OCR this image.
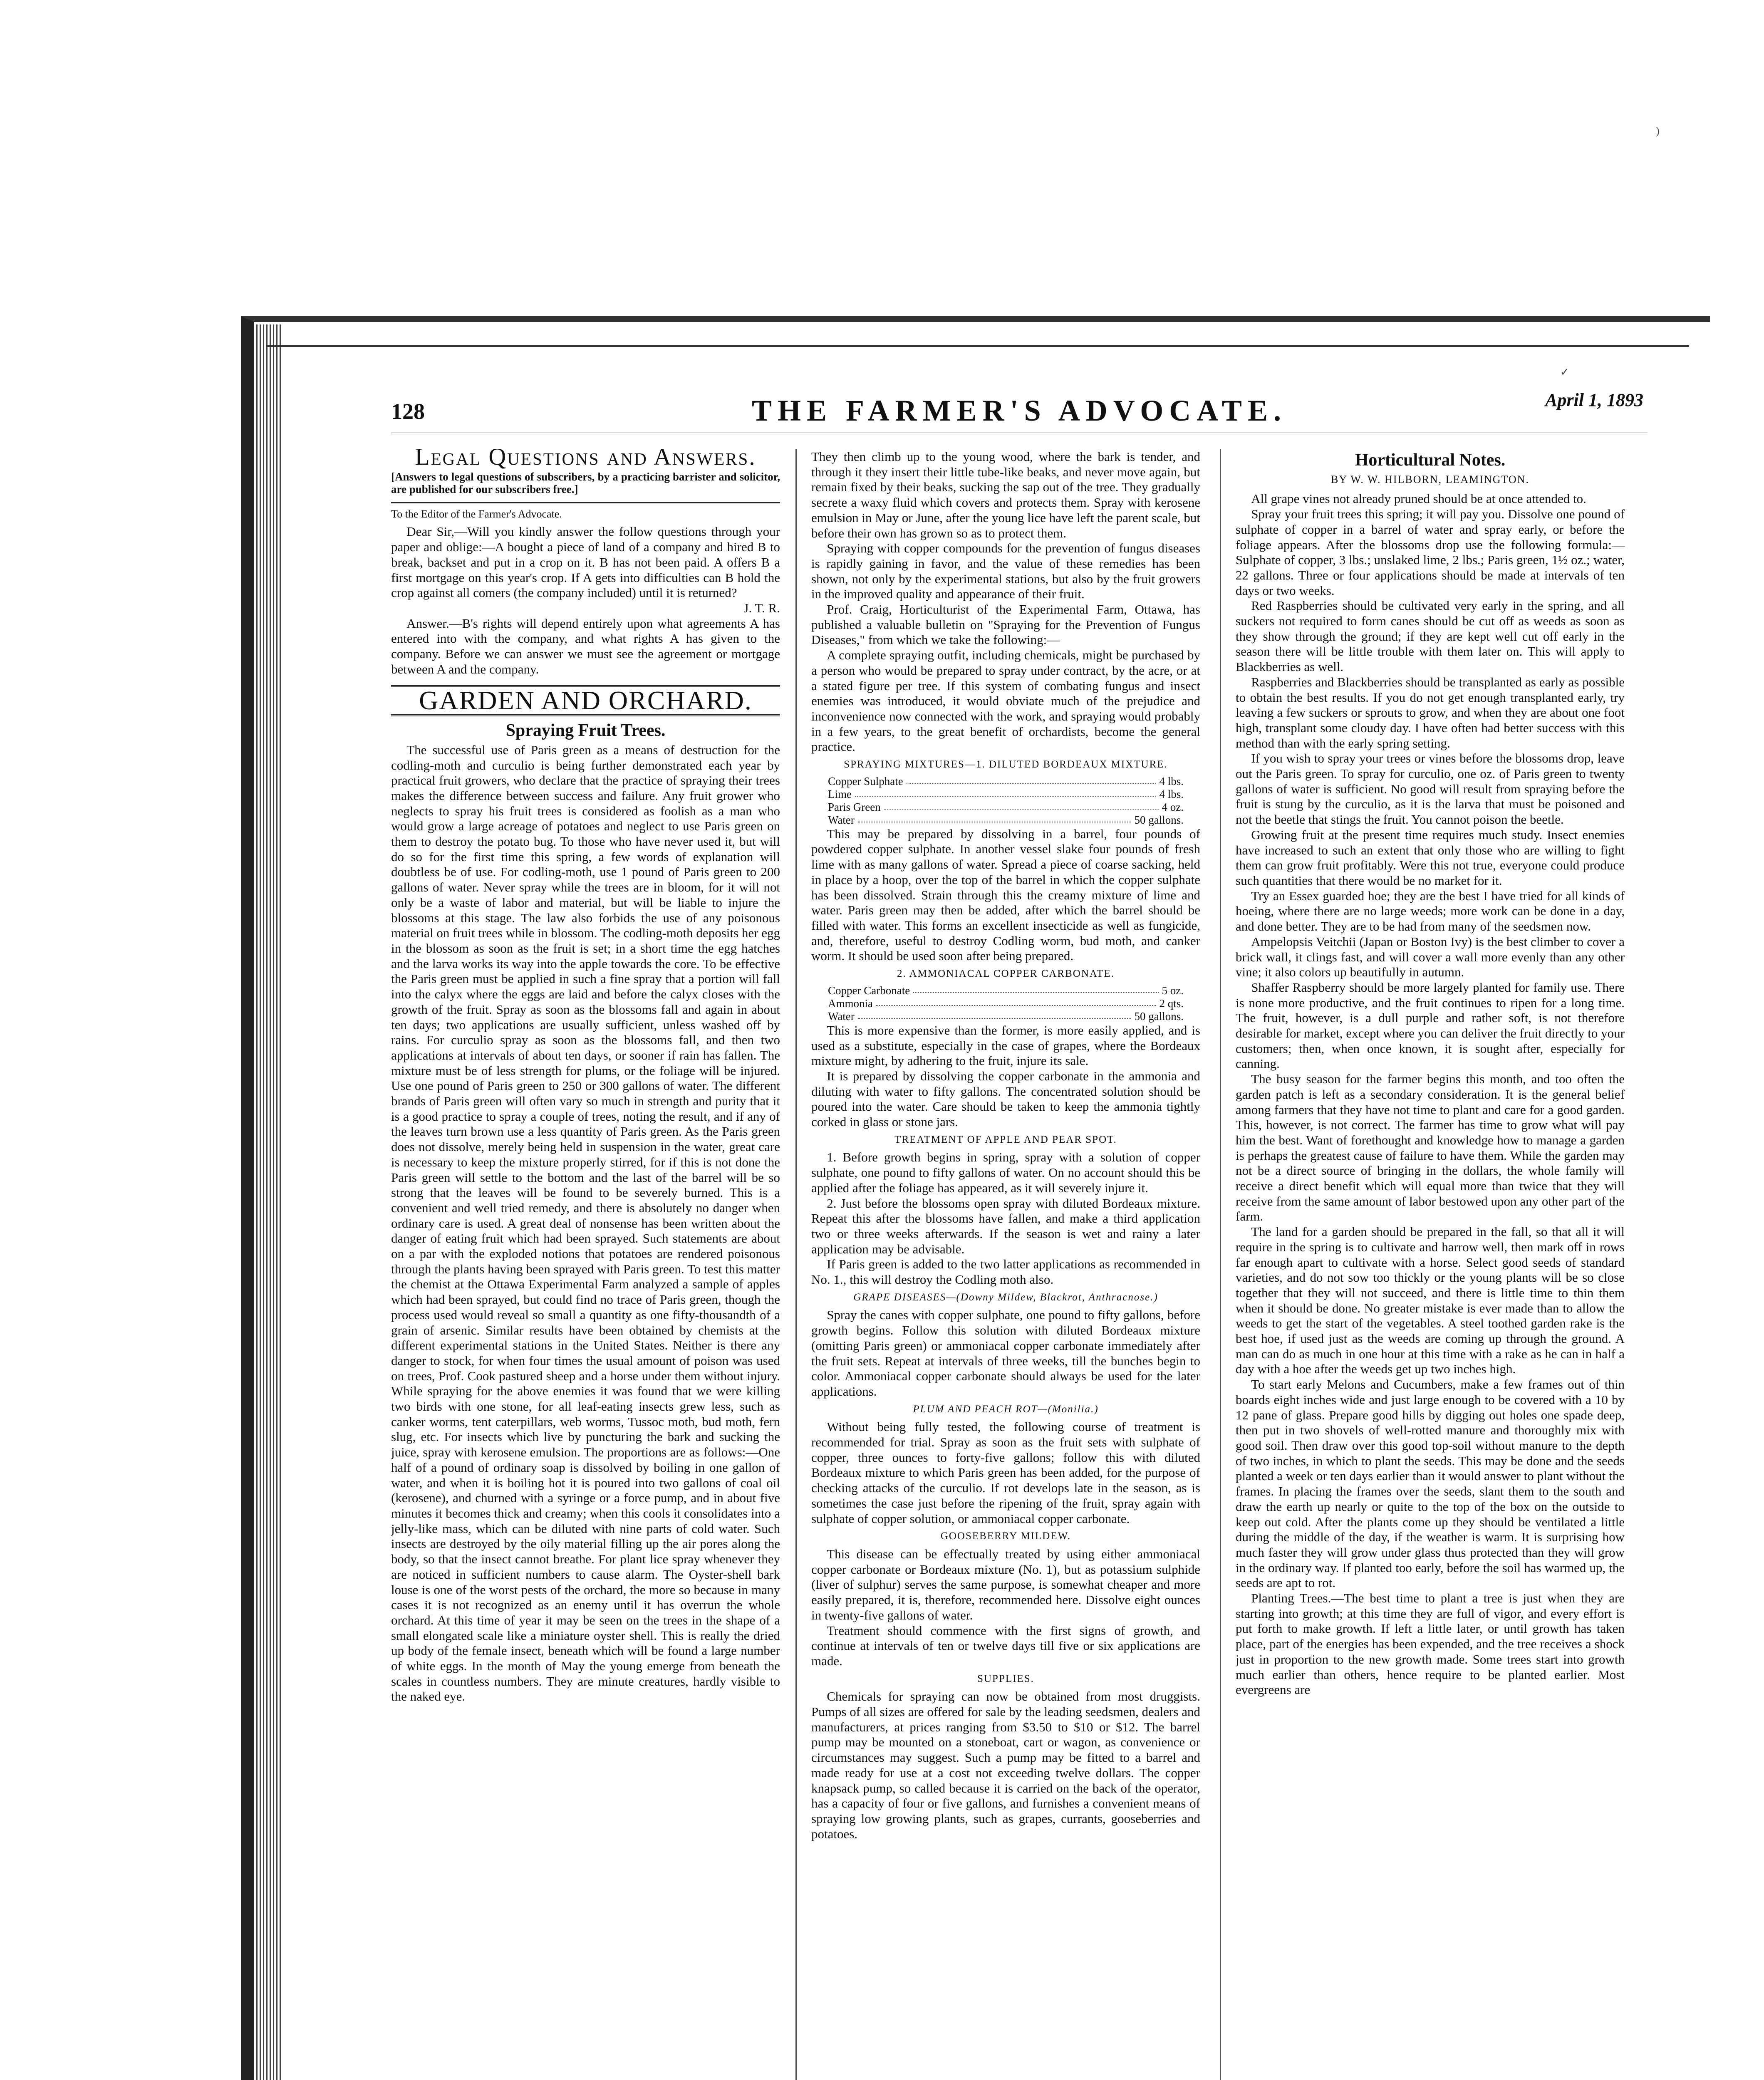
)
✓
128	THE FARMER'S ADVOCATE.	April 1, 1893
Legal Questions and Answers.
[Answers to legal questions of subscribers, by a practicing barrister and solicitor, are published for our subscribers free.]
To the Editor of the Farmer's Advocate.

Dear Sir,—Will you kindly answer the follow questions through your paper and oblige:—A bought a piece of land of a company and hired B to break, backset and put in a crop on it. B has not been paid. A offers B a first mortgage on this year's crop. If A gets into difficulties can B hold the crop against all comers (the company included) until it is returned?

J. T. R.

Answer.—B's rights will depend entirely upon what agreements A has entered into with the company, and what rights A has given to the company. Before we can answer we must see the agreement or mortgage between A and the company.

GARDEN AND ORCHARD.
Spraying Fruit Trees.

The successful use of Paris green as a means of destruction for the codling-moth and curculio is being further demonstrated each year by practical fruit growers, who declare that the practice of spraying their trees makes the difference between success and failure. Any fruit grower who neglects to spray his fruit trees is considered as foolish as a man who would grow a large acreage of potatoes and neglect to use Paris green on them to destroy the potato bug. To those who have never used it, but will do so for the first time this spring, a few words of explanation will doubtless be of use. For codling-moth, use 1 pound of Paris green to 200 gallons of water. Never spray while the trees are in bloom, for it will not only be a waste of labor and material, but will be liable to injure the blossoms at this stage. The law also forbids the use of any poisonous material on fruit trees while in blossom. The codling-moth deposits her egg in the blossom as soon as the fruit is set; in a short time the egg hatches and the larva works its way into the apple towards the core. To be effective the Paris green must be applied in such a fine spray that a portion will fall into the calyx where the eggs are laid and before the calyx closes with the growth of the fruit. Spray as soon as the blossoms fall and again in about ten days; two applications are usually sufficient, unless washed off by rains. For curculio spray as soon as the blossoms fall, and then two applications at intervals of about ten days, or sooner if rain has fallen. The mixture must be of less strength for plums, or the foliage will be injured. Use one pound of Paris green to 250 or 300 gallons of water. The different brands of Paris green will often vary so much in strength and purity that it is a good practice to spray a couple of trees, noting the result, and if any of the leaves turn brown use a less quantity of Paris green. As the Paris green does not dissolve, merely being held in suspension in the water, great care is necessary to keep the mixture properly stirred, for if this is not done the Paris green will settle to the bottom and the last of the barrel will be so strong that the leaves will be found to be severely burned. This is a convenient and well tried remedy, and there is absolutely no danger when ordinary care is used. A great deal of nonsense has been written about the danger of eating fruit which had been sprayed. Such statements are about on a par with the exploded notions that potatoes are rendered poisonous through the plants having been sprayed with Paris green. To test this matter the chemist at the Ottawa Experimental Farm analyzed a sample of apples which had been sprayed, but could find no trace of Paris green, though the process used would reveal so small a quantity as one fifty-thousandth of a grain of arsenic. Similar results have been obtained by chemists at the different experimental stations in the United States. Neither is there any danger to stock, for when four times the usual amount of poison was used on trees, Prof. Cook pastured sheep and a horse under them without injury. While spraying for the above enemies it was found that we were killing two birds with one stone, for all leaf-eating insects grew less, such as canker worms, tent caterpillars, web worms, Tussoc moth, bud moth, fern slug, etc. For insects which live by puncturing the bark and sucking the juice, spray with kerosene emulsion. The proportions are as follows:—One half of a pound of ordinary soap is dissolved by boiling in one gallon of water, and when it is boiling hot it is poured into two gallons of coal oil (kerosene), and churned with a syringe or a force pump, and in about five minutes it becomes thick and creamy; when this cools it consolidates into a jelly-like mass, which can be diluted with nine parts of cold water. Such insects are destroyed by the oily material filling up the air pores along the body, so that the insect cannot breathe. For plant lice spray whenever they are noticed in sufficient numbers to cause alarm. The Oyster-shell bark louse is one of the worst pests of the orchard, the more so because in many cases it is not recognized as an enemy until it has overrun the whole orchard. At this time of year it may be seen on the trees in the shape of a small elongated scale like a miniature oyster shell. This is really the dried up body of the female insect, beneath which will be found a large number of white eggs. In the month of May the young emerge from beneath the scales in countless numbers. They are minute creatures, hardly visible to the naked eye.

They then climb up to the young wood, where the bark is tender, and through it they insert their little tube-like beaks, and never move again, but remain fixed by their beaks, sucking the sap out of the tree. They gradually secrete a waxy fluid which covers and protects them. Spray with kerosene emulsion in May or June, after the young lice have left the parent scale, but before their own has grown so as to protect them.

Spraying with copper compounds for the prevention of fungus diseases is rapidly gaining in favor, and the value of these remedies has been shown, not only by the experimental stations, but also by the fruit growers in the improved quality and appearance of their fruit.

Prof. Craig, Horticulturist of the Experimental Farm, Ottawa, has published a valuable bulletin on "Spraying for the Prevention of Fungus Diseases," from which we take the following:—

A complete spraying outfit, including chemicals, might be purchased by a person who would be prepared to spray under contract, by the acre, or at a stated figure per tree. If this system of combating fungus and insect enemies was introduced, it would obviate much of the prejudice and inconvenience now connected with the work, and spraying would probably in a few years, to the great benefit of orchardists, become the general practice.

SPRAYING MIXTURES—1. DILUTED BORDEAUX MIXTURE.

Copper Sulphate	4 lbs.
Lime	4 lbs.
Paris Green	4 oz.
Water	50 gallons.

This may be prepared by dissolving in a barrel, four pounds of powdered copper sulphate. In another vessel slake four pounds of fresh lime with as many gallons of water. Spread a piece of coarse sacking, held in place by a hoop, over the top of the barrel in which the copper sulphate has been dissolved. Strain through this the creamy mixture of lime and water. Paris green may then be added, after which the barrel should be filled with water. This forms an excellent insecticide as well as fungicide, and, therefore, useful to destroy Codling worm, bud moth, and canker worm. It should be used soon after being prepared.

2. AMMONIACAL COPPER CARBONATE.

Copper Carbonate	5 oz.
Ammonia	2 qts.
Water	50 gallons.

This is more expensive than the former, is more easily applied, and is used as a substitute, especially in the case of grapes, where the Bordeaux mixture might, by adhering to the fruit, injure its sale.

It is prepared by dissolving the copper carbonate in the ammonia and diluting with water to fifty gallons. The concentrated solution should be poured into the water. Care should be taken to keep the ammonia tightly corked in glass or stone jars.

TREATMENT OF APPLE AND PEAR SPOT.

1. Before growth begins in spring, spray with a solution of copper sulphate, one pound to fifty gallons of water. On no account should this be applied after the foliage has appeared, as it will severely injure it.

2. Just before the blossoms open spray with diluted Bordeaux mixture. Repeat this after the blossoms have fallen, and make a third application two or three weeks afterwards. If the season is wet and rainy a later application may be advisable.

If Paris green is added to the two latter applications as recommended in No. 1., this will destroy the Codling moth also.

GRAPE DISEASES—(Downy Mildew, Blackrot, Anthracnose.)

Spray the canes with copper sulphate, one pound to fifty gallons, before growth begins. Follow this solution with diluted Bordeaux mixture (omitting Paris green) or ammoniacal copper carbonate immediately after the fruit sets. Repeat at intervals of three weeks, till the bunches begin to color. Ammoniacal copper carbonate should always be used for the later applications.

PLUM AND PEACH ROT—(Monilia.)

Without being fully tested, the following course of treatment is recommended for trial. Spray as soon as the fruit sets with sulphate of copper, three ounces to forty-five gallons; follow this with diluted Bordeaux mixture to which Paris green has been added, for the purpose of checking attacks of the curculio. If rot develops late in the season, as is sometimes the case just before the ripening of the fruit, spray again with sulphate of copper solution, or ammoniacal copper carbonate.

GOOSEBERRY MILDEW.

This disease can be effectually treated by using either ammoniacal copper carbonate or Bordeaux mixture (No. 1), but as potassium sulphide (liver of sulphur) serves the same purpose, is somewhat cheaper and more easily prepared, it is, therefore, recommended here. Dissolve eight ounces in twenty-five gallons of water.

Treatment should commence with the first signs of growth, and continue at intervals of ten or twelve days till five or six applications are made.

SUPPLIES.

Chemicals for spraying can now be obtained from most druggists. Pumps of all sizes are offered for sale by the leading seedsmen, dealers and manufacturers, at prices ranging from $3.50 to $10 or $12. The barrel pump may be mounted on a stoneboat, cart or wagon, as convenience or circumstances may suggest. Such a pump may be fitted to a barrel and made ready for use at a cost not exceeding twelve dollars. The copper knapsack pump, so called because it is carried on the back of the operator, has a capacity of four or five gallons, and furnishes a convenient means of spraying low growing plants, such as grapes, currants, gooseberries and potatoes.

Horticultural Notes.
BY W. W. HILBORN, LEAMINGTON.

All grape vines not already pruned should be at once attended to.

Spray your fruit trees this spring; it will pay you. Dissolve one pound of sulphate of copper in a barrel of water and spray early, or before the foliage appears. After the blossoms drop use the following formula:—Sulphate of copper, 3 lbs.; unslaked lime, 2 lbs.; Paris green, 1½ oz.; water, 22 gallons. Three or four applications should be made at intervals of ten days or two weeks.

Red Raspberries should be cultivated very early in the spring, and all suckers not required to form canes should be cut off as weeds as soon as they show through the ground; if they are kept well cut off early in the season there will be little trouble with them later on. This will apply to Blackberries as well.

Raspberries and Blackberries should be transplanted as early as possible to obtain the best results. If you do not get enough transplanted early, try leaving a few suckers or sprouts to grow, and when they are about one foot high, transplant some cloudy day. I have often had better success with this method than with the early spring setting.

If you wish to spray your trees or vines before the blossoms drop, leave out the Paris green. To spray for curculio, one oz. of Paris green to twenty gallons of water is sufficient. No good will result from spraying before the fruit is stung by the curculio, as it is the larva that must be poisoned and not the beetle that stings the fruit. You cannot poison the beetle.

Growing fruit at the present time requires much study. Insect enemies have increased to such an extent that only those who are willing to fight them can grow fruit profitably. Were this not true, everyone could produce such quantities that there would be no market for it.

Try an Essex guarded hoe; they are the best I have tried for all kinds of hoeing, where there are no large weeds; more work can be done in a day, and done better. They are to be had from many of the seedsmen now.

Ampelopsis Veitchii (Japan or Boston Ivy) is the best climber to cover a brick wall, it clings fast, and will cover a wall more evenly than any other vine; it also colors up beautifully in autumn.

Shaffer Raspberry should be more largely planted for family use. There is none more productive, and the fruit continues to ripen for a long time. The fruit, however, is a dull purple and rather soft, is not therefore desirable for market, except where you can deliver the fruit directly to your customers; then, when once known, it is sought after, especially for canning.

The busy season for the farmer begins this month, and too often the garden patch is left as a secondary consideration. It is the general belief among farmers that they have not time to plant and care for a good garden. This, however, is not correct. The farmer has time to grow what will pay him the best. Want of forethought and knowledge how to manage a garden is perhaps the greatest cause of failure to have them. While the garden may not be a direct source of bringing in the dollars, the whole family will receive a direct benefit which will equal more than twice that they will receive from the same amount of labor bestowed upon any other part of the farm.

The land for a garden should be prepared in the fall, so that all it will require in the spring is to cultivate and harrow well, then mark off in rows far enough apart to cultivate with a horse. Select good seeds of standard varieties, and do not sow too thickly or the young plants will be so close together that they will not succeed, and there is little time to thin them when it should be done. No greater mistake is ever made than to allow the weeds to get the start of the vegetables. A steel toothed garden rake is the best hoe, if used just as the weeds are coming up through the ground. A man can do as much in one hour at this time with a rake as he can in half a day with a hoe after the weeds get up two inches high.

To start early Melons and Cucumbers, make a few frames out of thin boards eight inches wide and just large enough to be covered with a 10 by 12 pane of glass. Prepare good hills by digging out holes one spade deep, then put in two shovels of well-rotted manure and thoroughly mix with good soil. Then draw over this good top-soil without manure to the depth of two inches, in which to plant the seeds. This may be done and the seeds planted a week or ten days earlier than it would answer to plant without the frames. In placing the frames over the seeds, slant them to the south and draw the earth up nearly or quite to the top of the box on the outside to keep out cold. After the plants come up they should be ventilated a little during the middle of the day, if the weather is warm. It is surprising how much faster they will grow under glass thus protected than they will grow in the ordinary way. If planted too early, before the soil has warmed up, the seeds are apt to rot.

Planting Trees.—The best time to plant a tree is just when they are starting into growth; at this time they are full of vigor, and every effort is put forth to make growth. If left a little later, or until growth has taken place, part of the energies has been expended, and the tree receives a shock just in proportion to the new growth made. Some trees start into growth much earlier than others, hence require to be planted earlier. Most evergreens are
